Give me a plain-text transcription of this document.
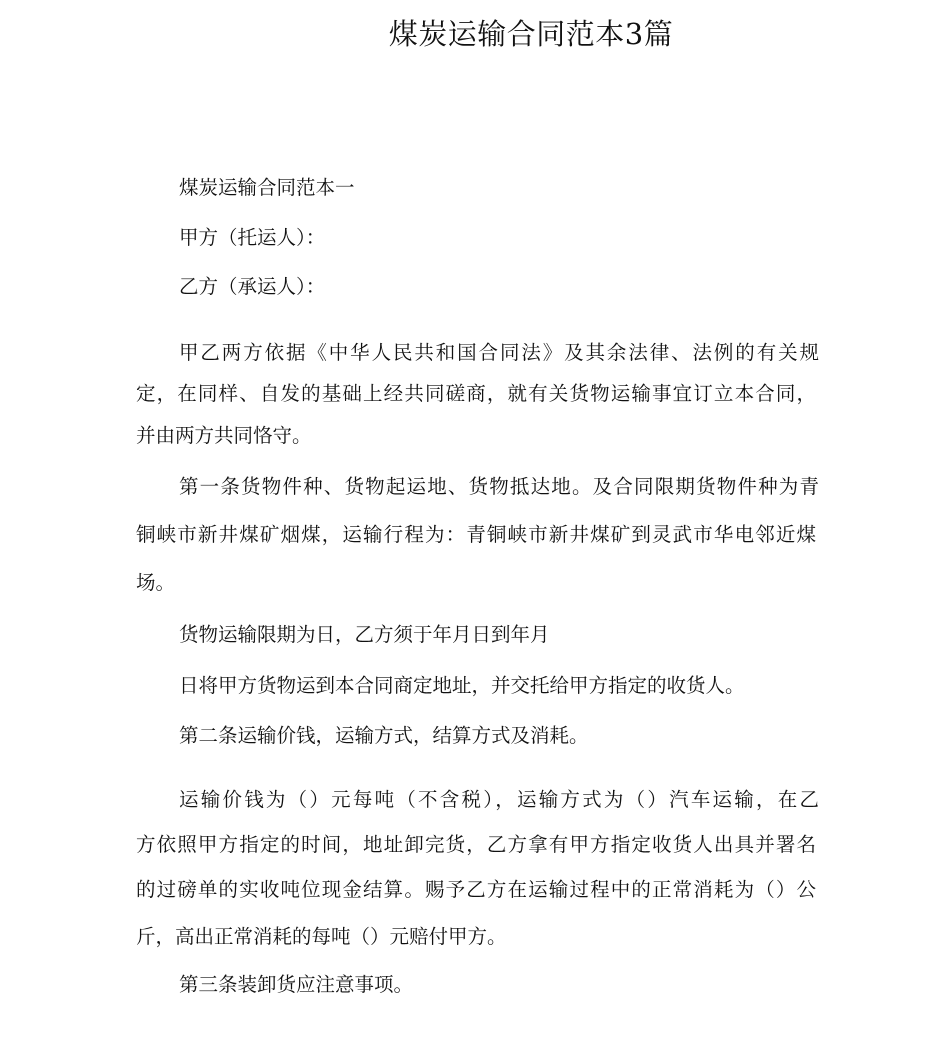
煤炭运输合同范本3篇

煤炭运输合同范本一

甲方（托运人）：

乙方（承运人）：

甲乙两方依据《中华人民共和国合同法》及其余法律、法例的有关规

定，在同样、自发的基础上经共同磋商，就有关货物运输事宜订立本合同，

并由两方共同恪守。

第一条货物件种、货物起运地、货物抵达地。及合同限期货物件种为青

铜峡市新井煤矿烟煤，运输行程为：青铜峡市新井煤矿到灵武市华电邻近煤

场。

货物运输限期为日，乙方须于年月日到年月

日将甲方货物运到本合同商定地址，并交托给甲方指定的收货人。

第二条运输价钱，运输方式，结算方式及消耗。

运输价钱为（）元每吨（不含税），运输方式为（）汽车运输，在乙

方依照甲方指定的时间，地址卸完货，乙方拿有甲方指定收货人出具并署名

的过磅单的实收吨位现金结算。赐予乙方在运输过程中的正常消耗为（）公

斤，高出正常消耗的每吨（）元赔付甲方。

第三条装卸货应注意事项。
